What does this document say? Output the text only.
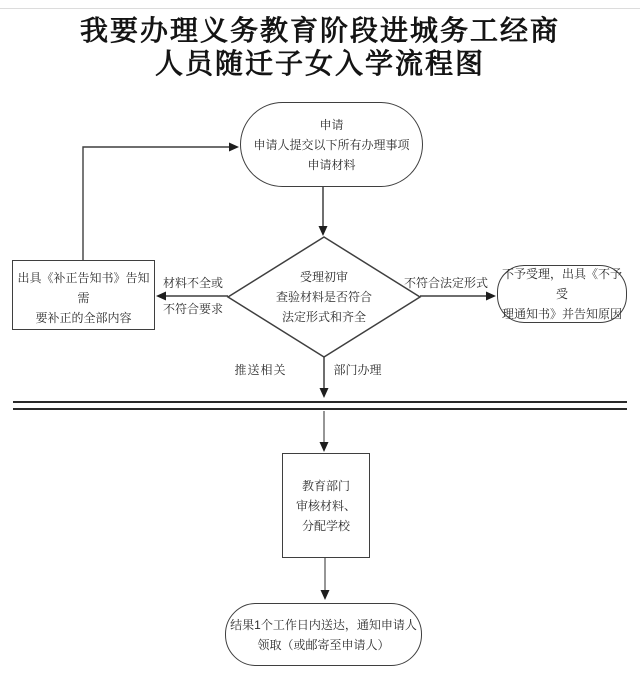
我要办理义务教育阶段进城务工经商
人员随迁子女入学流程图
申请
申请人提交以下所有办理事项
申请材料
受理初审
查验材料是否符合
法定形式和齐全
出具《补正告知书》告知需
要补正的全部内容
不予受理，出具《不予受
理通知书》并告知原因
教育部门
审核材料、
分配学校
结果1个工作日内送达，通知申请人
领取（或邮寄至申请人）
材料不全或
不符合要求
不符合法定形式
推送相关	部门办理
